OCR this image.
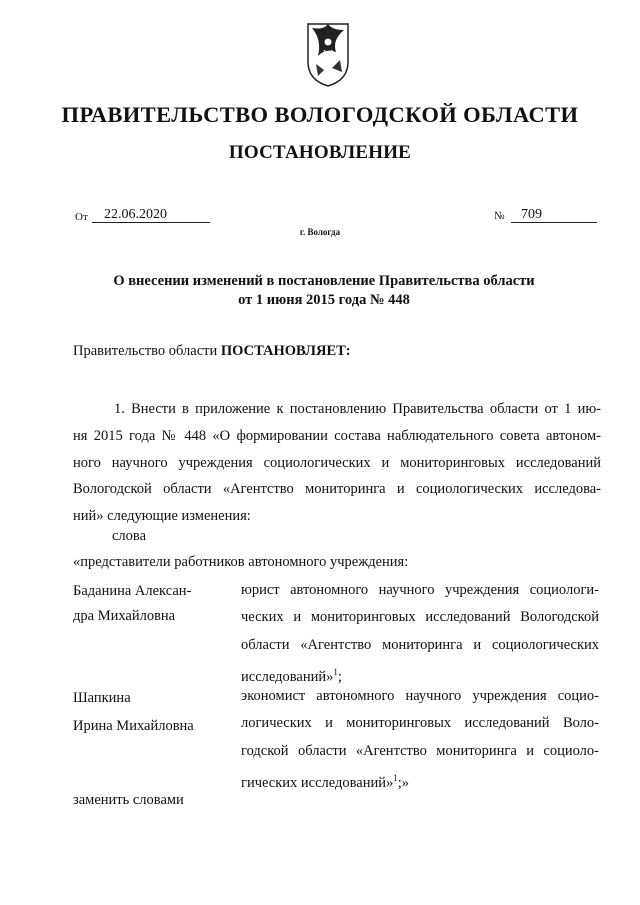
ПРАВИТЕЛЬСТВО ВОЛОГОДСКОЙ ОБЛАСТИ
ПОСТАНОВЛЕНИЕ
От 22.06.2020	№ 709
г. Вологда
О внесении изменений в постановление Правительства области
от 1 июня 2015 года № 448
Правительство области ПОСТАНОВЛЯЕТ:
1. Внести в приложение к постановлению Правительства области от 1 ию-
ня 2015 года № 448 «О формировании состава наблюдательного совета автоном-
ного научного учреждения социологических и мониторинговых исследований
Вологодской области «Агентство мониторинга и социологических исследова-
ний» следующие изменения:
слова
«представители работников автономного учреждения:
Баданина Алексан-
дра Михайловна
юрист автономного научного учреждения социологи-
ческих и мониторинговых исследований Вологодской
области «Агентство мониторинга и социологических
исследований»$^1$;
Шапкина
Ирина Михайловна
экономист автономного научного учреждения социо-
логических и мониторинговых исследований Воло-
годской области «Агентство мониторинга и социоло-
гических исследований»$^1$;»
заменить словами
